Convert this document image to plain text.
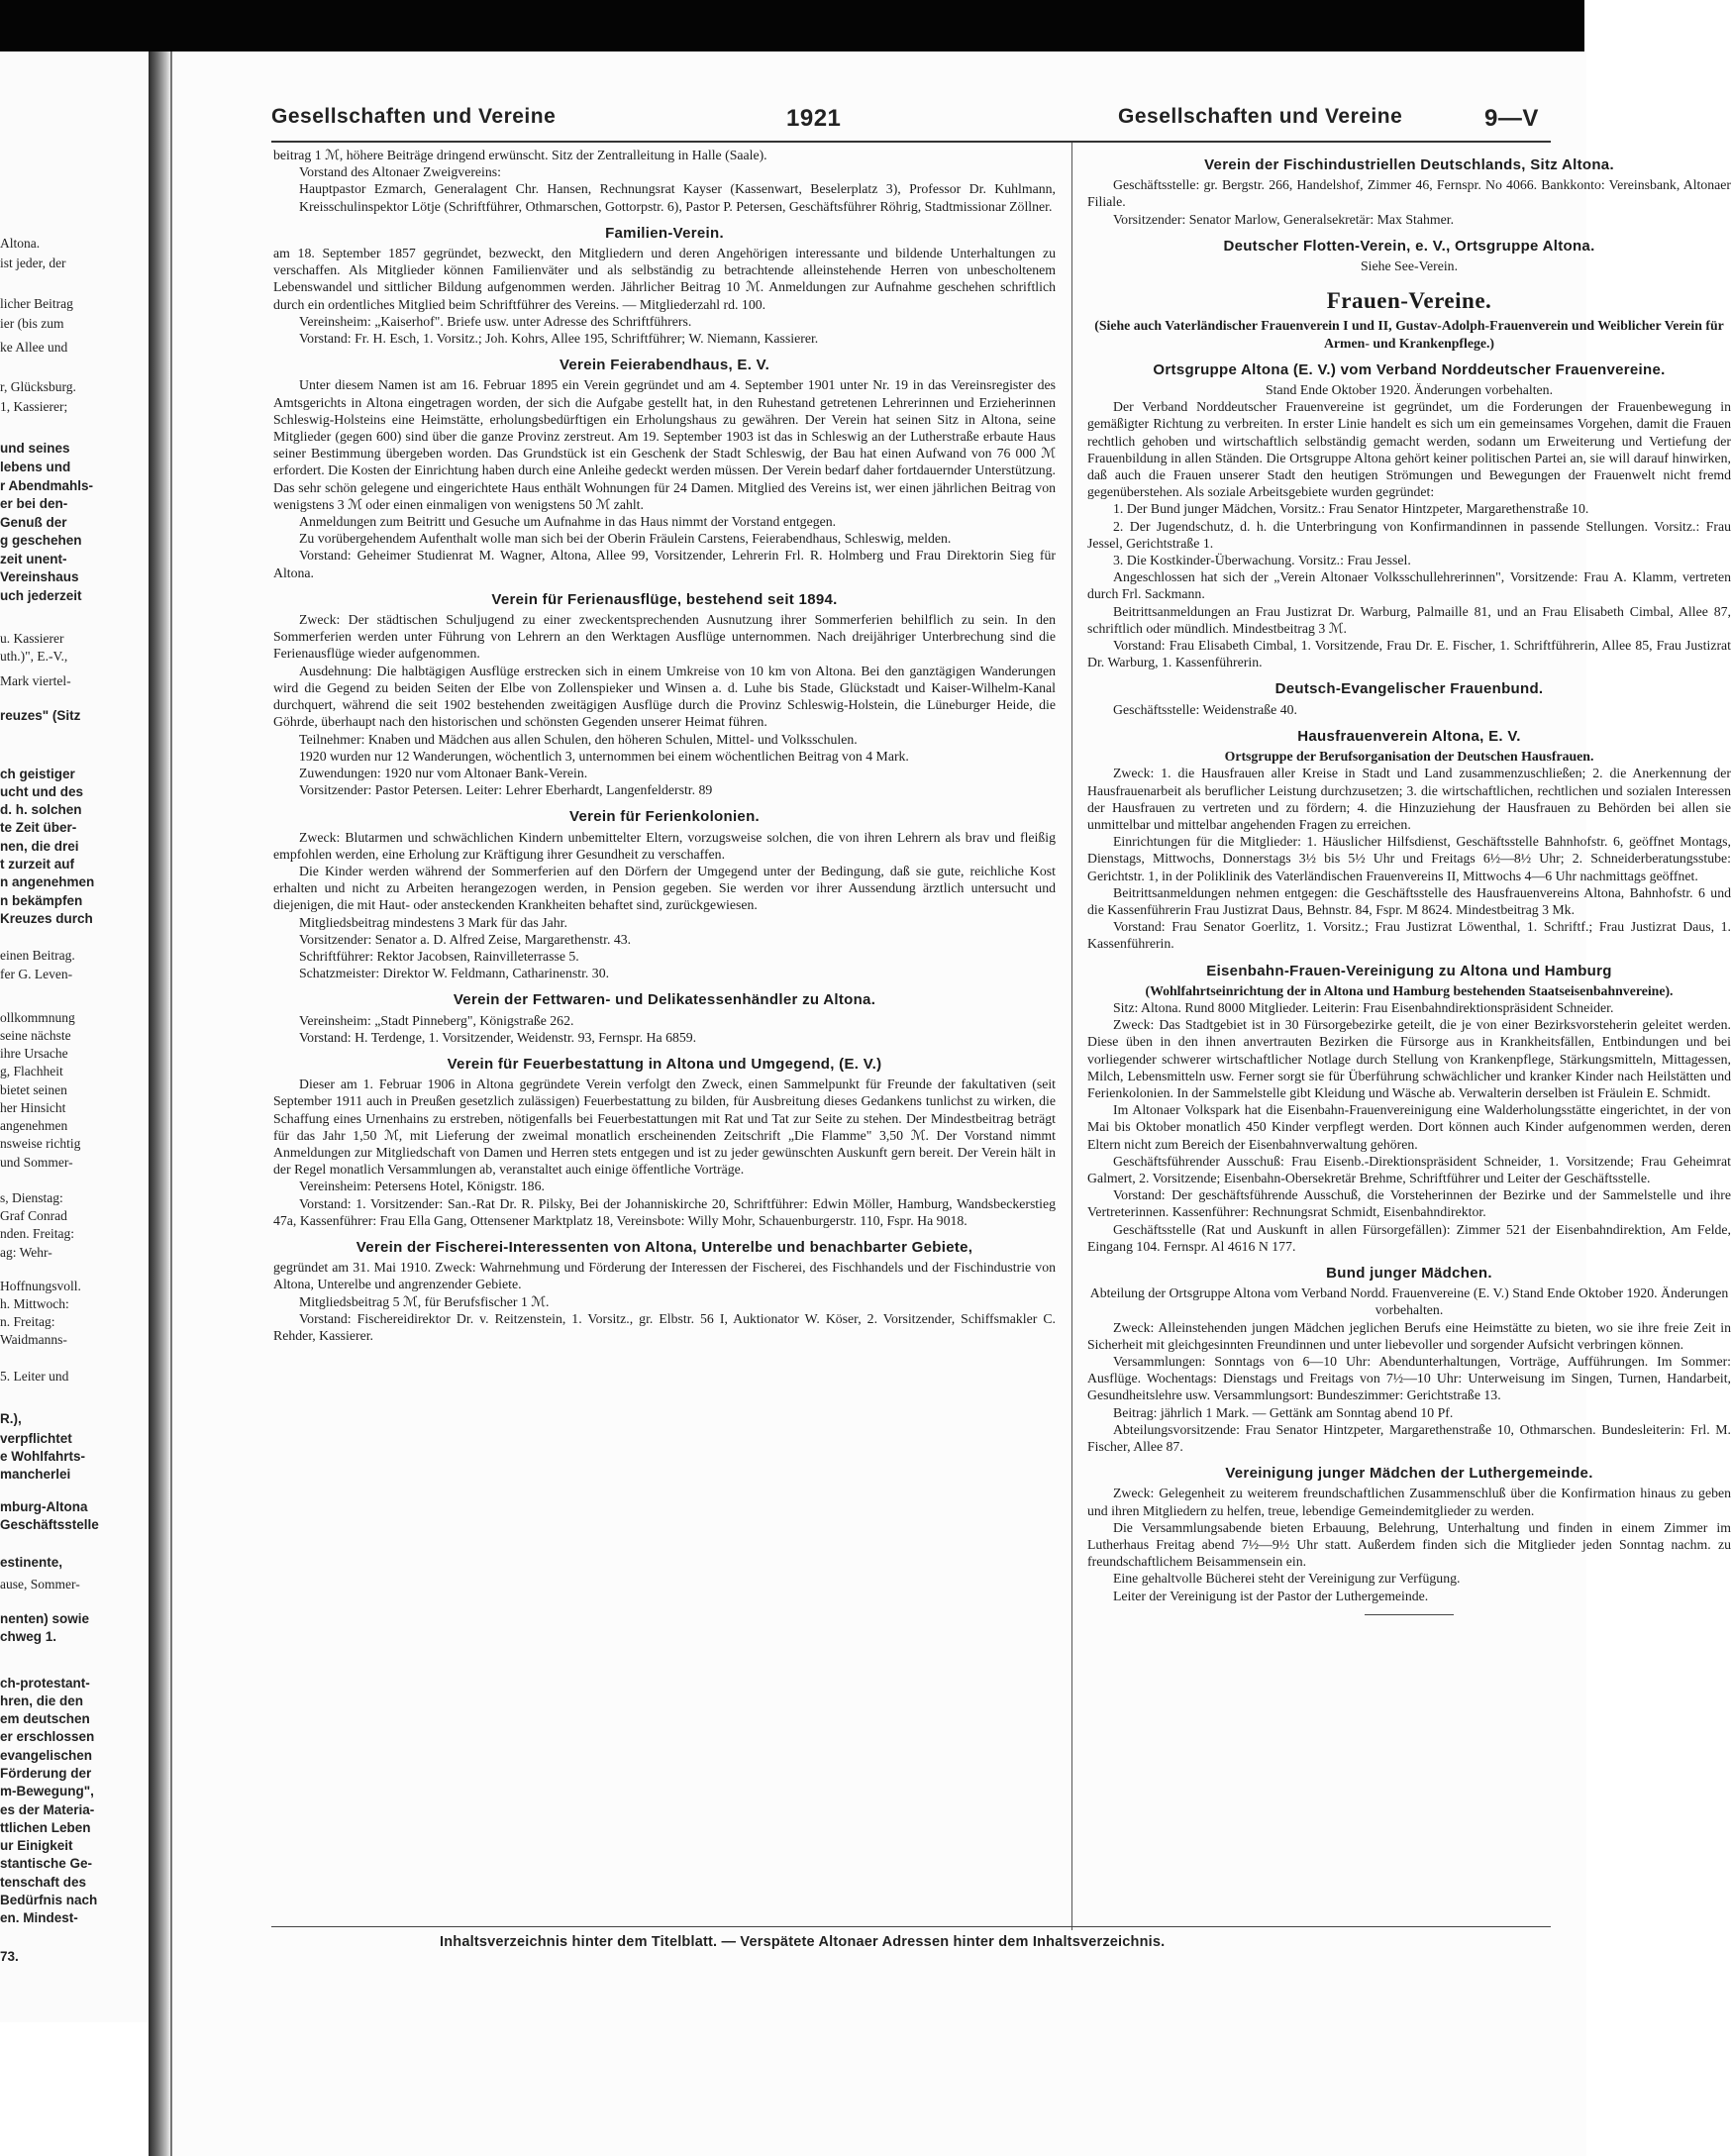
Altona.
ist jeder, der
licher Beitrag
ier (bis zum
ke Allee und
r, Glücksburg.
1, Kassierer;
und seines
lebens und
r Abendmahls-
er bei den-
Genuß der
g geschehen
zeit unent-
Vereinshaus
uch jederzeit
u. Kassierer
uth.)", E.-V.,
Mark viertel-
reuzes" (Sitz
ch geistiger
ucht und des
d. h. solchen
te Zeit über-
nen, die drei
t zurzeit auf
n angenehmen
n bekämpfen
Kreuzes durch
einen Beitrag.
fer G. Leven-
ollkommnung
seine nächste
ihre Ursache
g, Flachheit
bietet seinen
her Hinsicht
angenehmen
nsweise richtig
und Sommer-
s, Dienstag:
Graf Conrad
nden. Freitag:
ag: Wehr-
Hoffnungsvoll.
h. Mittwoch:
n. Freitag:
Waidmanns-
5. Leiter und
R.),
verpflichtet
e Wohlfahrts-
mancherlei
mburg-Altona
Geschäftsstelle
estinente,
ause, Sommer-
nenten) sowie
chweg 1.
ch-protestant-
hren, die den
em deutschen
er erschlossen
evangelischen
Förderung der
m-Bewegung",
es der Materia-
ttlichen Leben
ur Einigkeit
stantische Ge-
tenschaft des
Bedürfnis nach
en. Mindest-
73.
Gesellschaften und Vereine	1921	Gesellschaften und Vereine	9—V

beitrag 1 ℳ, höhere Beiträge dringend erwünscht. Sitz der Zentralleitung in Halle (Saale).

Vorstand des Altonaer Zweigvereins:

Hauptpastor Ezmarch, Generalagent Chr. Hansen, Rechnungsrat Kayser (Kassenwart, Beselerplatz 3), Professor Dr. Kuhlmann, Kreisschulinspektor Lötje (Schriftführer, Othmarschen, Gottorpstr. 6), Pastor P. Petersen, Geschäftsführer Röhrig, Stadtmissionar Zöllner.

Familien-Verein.

am 18. September 1857 gegründet, bezweckt, den Mitgliedern und deren Angehörigen interessante und bildende Unterhaltungen zu verschaffen. Als Mitglieder können Familienväter und als selbständig zu betrachtende alleinstehende Herren von unbescholtenem Lebenswandel und sittlicher Bildung aufgenommen werden. Jährlicher Beitrag 10 ℳ. Anmeldungen zur Aufnahme geschehen schriftlich durch ein ordentliches Mitglied beim Schriftführer des Vereins. — Mitgliederzahl rd. 100.

Vereinsheim: „Kaiserhof". Briefe usw. unter Adresse des Schriftführers.

Vorstand: Fr. H. Esch, 1. Vorsitz.; Joh. Kohrs, Allee 195, Schriftführer; W. Niemann, Kassierer.

Verein Feierabendhaus, E. V.

Unter diesem Namen ist am 16. Februar 1895 ein Verein gegründet und am 4. September 1901 unter Nr. 19 in das Vereinsregister des Amtsgerichts in Altona eingetragen worden, der sich die Aufgabe gestellt hat, in den Ruhestand getretenen Lehrerinnen und Erzieherinnen Schleswig-Holsteins eine Heimstätte, erholungsbedürftigen ein Erholungshaus zu gewähren. Der Verein hat seinen Sitz in Altona, seine Mitglieder (gegen 600) sind über die ganze Provinz zerstreut. Am 19. September 1903 ist das in Schleswig an der Lutherstraße erbaute Haus seiner Bestimmung übergeben worden. Das Grundstück ist ein Geschenk der Stadt Schleswig, der Bau hat einen Aufwand von 76 000 ℳ erfordert. Die Kosten der Einrichtung haben durch eine Anleihe gedeckt werden müssen. Der Verein bedarf daher fortdauernder Unterstützung. Das sehr schön gelegene und eingerichtete Haus enthält Wohnungen für 24 Damen. Mitglied des Vereins ist, wer einen jährlichen Beitrag von wenigstens 3 ℳ oder einen einmaligen von wenigstens 50 ℳ zahlt.

Anmeldungen zum Beitritt und Gesuche um Aufnahme in das Haus nimmt der Vorstand entgegen.

Zu vorübergehendem Aufenthalt wolle man sich bei der Oberin Fräulein Carstens, Feierabendhaus, Schleswig, melden.

Vorstand: Geheimer Studienrat M. Wagner, Altona, Allee 99, Vorsitzender, Lehrerin Frl. R. Holmberg und Frau Direktorin Sieg für Altona.

Verein für Ferienausflüge, bestehend seit 1894.

Zweck: Der städtischen Schuljugend zu einer zweckentsprechenden Ausnutzung ihrer Sommerferien behilflich zu sein. In den Sommerferien werden unter Führung von Lehrern an den Werktagen Ausflüge unternommen. Nach dreijähriger Unterbrechung sind die Ferienausflüge wieder aufgenommen.

Ausdehnung: Die halbtägigen Ausflüge erstrecken sich in einem Umkreise von 10 km von Altona. Bei den ganztägigen Wanderungen wird die Gegend zu beiden Seiten der Elbe von Zollenspieker und Winsen a. d. Luhe bis Stade, Glückstadt und Kaiser-Wilhelm-Kanal durchquert, während die seit 1902 bestehenden zweitägigen Ausflüge durch die Provinz Schleswig-Holstein, die Lüneburger Heide, die Göhrde, überhaupt nach den historischen und schönsten Gegenden unserer Heimat führen.

Teilnehmer: Knaben und Mädchen aus allen Schulen, den höheren Schulen, Mittel- und Volksschulen.

1920 wurden nur 12 Wanderungen, wöchentlich 3, unternommen bei einem wöchentlichen Beitrag von 4 Mark.

Zuwendungen: 1920 nur vom Altonaer Bank-Verein.

Vorsitzender: Pastor Petersen. Leiter: Lehrer Eberhardt, Langenfelderstr. 89

Verein für Ferienkolonien.

Zweck: Blutarmen und schwächlichen Kindern unbemittelter Eltern, vorzugsweise solchen, die von ihren Lehrern als brav und fleißig empfohlen werden, eine Erholung zur Kräftigung ihrer Gesundheit zu verschaffen.

Die Kinder werden während der Sommerferien auf den Dörfern der Umgegend unter der Bedingung, daß sie gute, reichliche Kost erhalten und nicht zu Arbeiten herangezogen werden, in Pension gegeben. Sie werden vor ihrer Aussendung ärztlich untersucht und diejenigen, die mit Haut- oder ansteckenden Krankheiten behaftet sind, zurückgewiesen.

Mitgliedsbeitrag mindestens 3 Mark für das Jahr.

Vorsitzender: Senator a. D. Alfred Zeise, Margarethenstr. 43.

Schriftführer: Rektor Jacobsen, Rainvilleterrasse 5.

Schatzmeister: Direktor W. Feldmann, Catharinenstr. 30.

Verein der Fettwaren- und Delikatessenhändler zu Altona.

Vereinsheim: „Stadt Pinneberg", Königstraße 262.

Vorstand: H. Terdenge, 1. Vorsitzender, Weidenstr. 93, Fernspr. Ha 6859.

Verein für Feuerbestattung in Altona und Umgegend, (E. V.)

Dieser am 1. Februar 1906 in Altona gegründete Verein verfolgt den Zweck, einen Sammelpunkt für Freunde der fakultativen (seit September 1911 auch in Preußen gesetzlich zulässigen) Feuerbestattung zu bilden, für Ausbreitung dieses Gedankens tunlichst zu wirken, die Schaffung eines Urnenhains zu erstreben, nötigenfalls bei Feuerbestattungen mit Rat und Tat zur Seite zu stehen. Der Mindestbeitrag beträgt für das Jahr 1,50 ℳ, mit Lieferung der zweimal monatlich erscheinenden Zeitschrift „Die Flamme" 3,50 ℳ. Der Vorstand nimmt Anmeldungen zur Mitgliedschaft von Damen und Herren stets entgegen und ist zu jeder gewünschten Auskunft gern bereit. Der Verein hält in der Regel monatlich Versammlungen ab, veranstaltet auch einige öffentliche Vorträge.

Vereinsheim: Petersens Hotel, Königstr. 186.

Vorstand: 1. Vorsitzender: San.-Rat Dr. R. Pilsky, Bei der Johanniskirche 20, Schriftführer: Edwin Möller, Hamburg, Wandsbeckerstieg 47a, Kassenführer: Frau Ella Gang, Ottensener Marktplatz 18, Vereinsbote: Willy Mohr, Schauenburgerstr. 110, Fspr. Ha 9018.

Verein der Fischerei-Interessenten von Altona, Unterelbe und benachbarter Gebiete,

gegründet am 31. Mai 1910. Zweck: Wahrnehmung und Förderung der Interessen der Fischerei, des Fischhandels und der Fischindustrie von Altona, Unterelbe und angrenzender Gebiete.

Mitgliedsbeitrag 5 ℳ, für Berufsfischer 1 ℳ.

Vorstand: Fischereidirektor Dr. v. Reitzenstein, 1. Vorsitz., gr. Elbstr. 56 I, Auktionator W. Köser, 2. Vorsitzender, Schiffsmakler C. Rehder, Kassierer.

Verein der Fischindustriellen Deutschlands, Sitz Altona.

Geschäftsstelle: gr. Bergstr. 266, Handelshof, Zimmer 46, Fernspr. No 4066. Bankkonto: Vereinsbank, Altonaer Filiale.

Vorsitzender: Senator Marlow, Generalsekretär: Max Stahmer.

Deutscher Flotten-Verein, e. V., Ortsgruppe Altona.

Siehe See-Verein.

Frauen-Vereine.

(Siehe auch Vaterländischer Frauenverein I und II, Gustav-Adolph-Frauenverein und Weiblicher Verein für Armen- und Krankenpflege.)

Ortsgruppe Altona (E. V.) vom Verband Norddeutscher Frauenvereine.

Stand Ende Oktober 1920. Änderungen vorbehalten.

Der Verband Norddeutscher Frauenvereine ist gegründet, um die Forderungen der Frauenbewegung in gemäßigter Richtung zu verbreiten. In erster Linie handelt es sich um ein gemeinsames Vorgehen, damit die Frauen rechtlich gehoben und wirtschaftlich selbständig gemacht werden, sodann um Erweiterung und Vertiefung der Frauenbildung in allen Ständen. Die Ortsgruppe Altona gehört keiner politischen Partei an, sie will darauf hinwirken, daß auch die Frauen unserer Stadt den heutigen Strömungen und Bewegungen der Frauenwelt nicht fremd gegenüberstehen. Als soziale Arbeitsgebiete wurden gegründet:

1. Der Bund junger Mädchen, Vorsitz.: Frau Senator Hintzpeter, Margarethenstraße 10.

2. Der Jugendschutz, d. h. die Unterbringung von Konfirmandinnen in passende Stellungen. Vorsitz.: Frau Jessel, Gerichtstraße 1.

3. Die Kostkinder-Überwachung. Vorsitz.: Frau Jessel.

Angeschlossen hat sich der „Verein Altonaer Volksschullehrerinnen", Vorsitzende: Frau A. Klamm, vertreten durch Frl. Sackmann.

Beitrittsanmeldungen an Frau Justizrat Dr. Warburg, Palmaille 81, und an Frau Elisabeth Cimbal, Allee 87, schriftlich oder mündlich. Mindestbeitrag 3 ℳ.

Vorstand: Frau Elisabeth Cimbal, 1. Vorsitzende, Frau Dr. E. Fischer, 1. Schriftführerin, Allee 85, Frau Justizrat Dr. Warburg, 1. Kassenführerin.

Deutsch-Evangelischer Frauenbund.

Geschäftsstelle: Weidenstraße 40.

Hausfrauenverein Altona, E. V.

Ortsgruppe der Berufsorganisation der Deutschen Hausfrauen.

Zweck: 1. die Hausfrauen aller Kreise in Stadt und Land zusammenzuschließen; 2. die Anerkennung der Hausfrauenarbeit als beruflicher Leistung durchzusetzen; 3. die wirtschaftlichen, rechtlichen und sozialen Interessen der Hausfrauen zu vertreten und zu fördern; 4. die Hinzuziehung der Hausfrauen zu Behörden bei allen sie unmittelbar und mittelbar angehenden Fragen zu erreichen.

Einrichtungen für die Mitglieder: 1. Häuslicher Hilfsdienst, Geschäftsstelle Bahnhofstr. 6, geöffnet Montags, Dienstags, Mittwochs, Donnerstags 3½ bis 5½ Uhr und Freitags 6½—8½ Uhr; 2. Schneiderberatungsstube: Gerichtstr. 1, in der Poliklinik des Vaterländischen Frauenvereins II, Mittwochs 4—6 Uhr nachmittags geöffnet.

Beitrittsanmeldungen nehmen entgegen: die Geschäftsstelle des Hausfrauenvereins Altona, Bahnhofstr. 6 und die Kassenführerin Frau Justizrat Daus, Behnstr. 84, Fspr. M 8624. Mindestbeitrag 3 Mk.

Vorstand: Frau Senator Goerlitz, 1. Vorsitz.; Frau Justizrat Löwenthal, 1. Schriftf.; Frau Justizrat Daus, 1. Kassenführerin.

Eisenbahn-Frauen-Vereinigung zu Altona und Hamburg

(Wohlfahrtseinrichtung der in Altona und Hamburg bestehenden Staatseisenbahnvereine).

Sitz: Altona. Rund 8000 Mitglieder. Leiterin: Frau Eisenbahndirektionspräsident Schneider.

Zweck: Das Stadtgebiet ist in 30 Fürsorgebezirke geteilt, die je von einer Bezirksvorsteherin geleitet werden. Diese üben in den ihnen anvertrauten Bezirken die Fürsorge aus in Krankheitsfällen, Entbindungen und bei vorliegender schwerer wirtschaftlicher Notlage durch Stellung von Krankenpflege, Stärkungsmitteln, Mittagessen, Milch, Lebensmitteln usw. Ferner sorgt sie für Überführung schwächlicher und kranker Kinder nach Heilstätten und Ferienkolonien. In der Sammelstelle gibt Kleidung und Wäsche ab. Verwalterin derselben ist Fräulein E. Schmidt.

Im Altonaer Volkspark hat die Eisenbahn-Frauenvereinigung eine Walderholungsstätte eingerichtet, in der von Mai bis Oktober monatlich 450 Kinder verpflegt werden. Dort können auch Kinder aufgenommen werden, deren Eltern nicht zum Bereich der Eisenbahnverwaltung gehören.

Geschäftsführender Ausschuß: Frau Eisenb.-Direktionspräsident Schneider, 1. Vorsitzende; Frau Geheimrat Galmert, 2. Vorsitzende; Eisenbahn-Obersekretär Brehme, Schriftführer und Leiter der Geschäftsstelle.

Vorstand: Der geschäftsführende Ausschuß, die Vorsteherinnen der Bezirke und der Sammelstelle und ihre Vertreterinnen. Kassenführer: Rechnungsrat Schmidt, Eisenbahndirektor.

Geschäftsstelle (Rat und Auskunft in allen Fürsorgefällen): Zimmer 521 der Eisenbahndirektion, Am Felde, Eingang 104. Fernspr. Al 4616 N 177.

Bund junger Mädchen.

Abteilung der Ortsgruppe Altona vom Verband Nordd. Frauenvereine (E. V.) Stand Ende Oktober 1920. Änderungen vorbehalten.

Zweck: Alleinstehenden jungen Mädchen jeglichen Berufs eine Heimstätte zu bieten, wo sie ihre freie Zeit in Sicherheit mit gleichgesinnten Freundinnen und unter liebevoller und sorgender Aufsicht verbringen können.

Versammlungen: Sonntags von 6—10 Uhr: Abendunterhaltungen, Vorträge, Aufführungen. Im Sommer: Ausflüge. Wochentags: Dienstags und Freitags von 7½—10 Uhr: Unterweisung im Singen, Turnen, Handarbeit, Gesundheitslehre usw. Versammlungsort: Bundeszimmer: Gerichtstraße 13.

Beitrag: jährlich 1 Mark. — Gettänk am Sonntag abend 10 Pf.

Abteilungsvorsitzende: Frau Senator Hintzpeter, Margarethenstraße 10, Othmarschen. Bundesleiterin: Frl. M. Fischer, Allee 87.

Vereinigung junger Mädchen der Luthergemeinde.

Zweck: Gelegenheit zu weiterem freundschaftlichen Zusammenschluß über die Konfirmation hinaus zu geben und ihren Mitgliedern zu helfen, treue, lebendige Gemeindemitglieder zu werden.

Die Versammlungsabende bieten Erbauung, Belehrung, Unterhaltung und finden in einem Zimmer im Lutherhaus Freitag abend 7½—9½ Uhr statt. Außerdem finden sich die Mitglieder jeden Sonntag nachm. zu freundschaftlichem Beisammensein ein.

Eine gehaltvolle Bücherei steht der Vereinigung zur Verfügung.

Leiter der Vereinigung ist der Pastor der Luthergemeinde.

Inhaltsverzeichnis hinter dem Titelblatt. — Verspätete Altonaer Adressen hinter dem Inhaltsverzeichnis.
